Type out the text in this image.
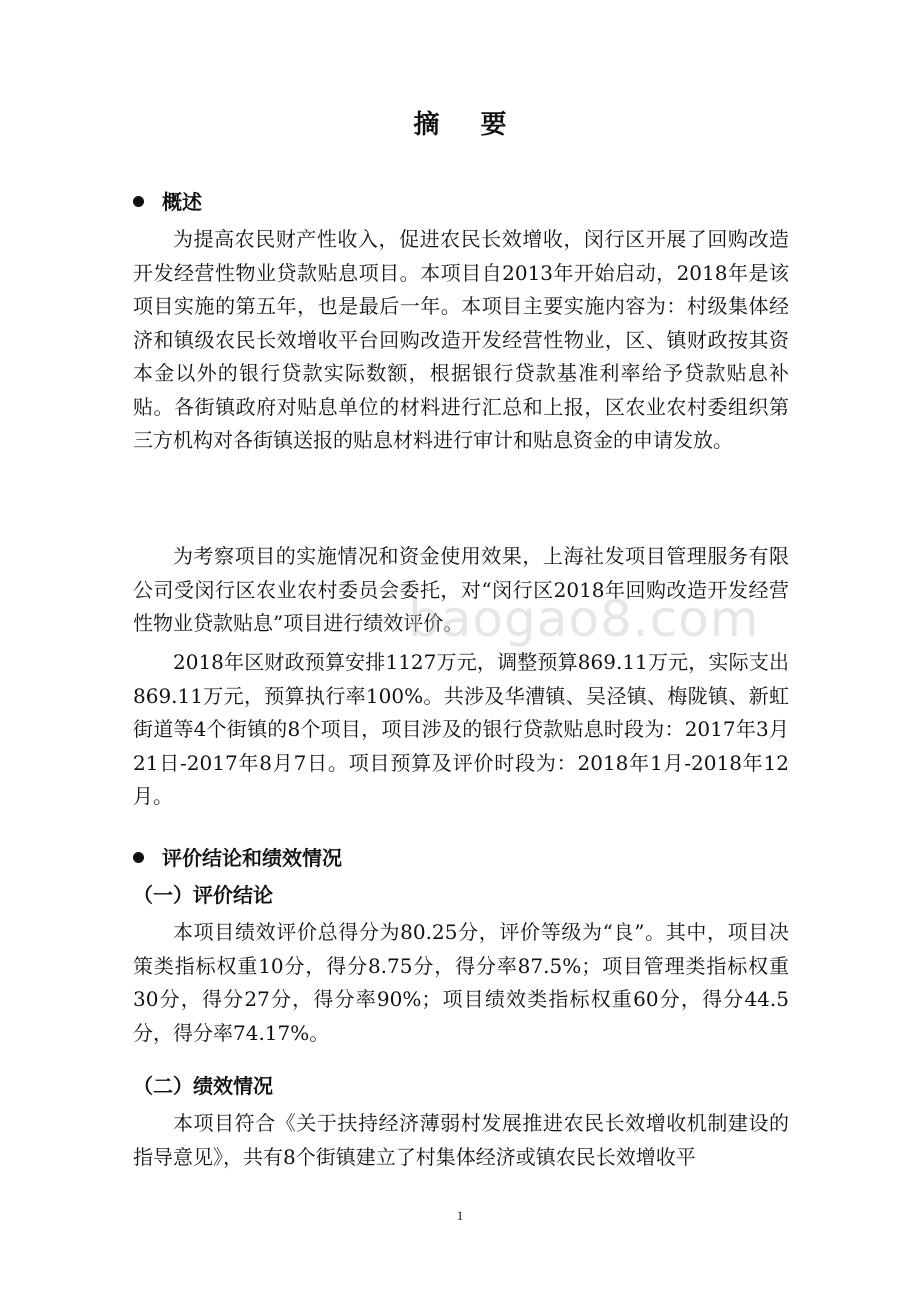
摘 要
概述

为提高农民财产性收入，促进农民长效增收，闵行区开展了回购改造开发经营性物业贷款贴息项目。本项目自2013年开始启动，2018年是该项目实施的第五年，也是最后一年。本项目主要实施内容为：村级集体经济和镇级农民长效增收平台回购改造开发经营性物业，区、镇财政按其资本金以外的银行贷款实际数额，根据银行贷款基准利率给予贷款贴息补贴。各街镇政府对贴息单位的材料进行汇总和上报，区农业农村委组织第三方机构对各街镇送报的贴息材料进行审计和贴息资金的申请发放。

为考察项目的实施情况和资金使用效果，上海社发项目管理服务有限公司受闵行区农业农村委员会委托，对“闵行区2018年回购改造开发经营性物业贷款贴息”项目进行绩效评价。

2018年区财政预算安排1127万元，调整预算869.11万元，实际支出869.11万元，预算执行率100%。共涉及华漕镇、吴泾镇、梅陇镇、新虹街道等4个街镇的8个项目，项目涉及的银行贷款贴息时段为：2017年3月21日-2017年8月7日。项目预算及评价时段为：2018年1月-2018年12月。

评价结论和绩效情况
（一）评价结论

本项目绩效评价总得分为80.25分，评价等级为“良”。其中，项目决策类指标权重10分，得分8.75分，得分率87.5%；项目管理类指标权重30分，得分27分，得分率90%；项目绩效类指标权重60分，得分44.5分，得分率74.17%。

（二）绩效情况

本项目符合《关于扶持经济薄弱村发展推进农民长效增收机制建设的指导意见》，共有8个街镇建立了村集体经济或镇农民长效增收平

baogao8.com
1
